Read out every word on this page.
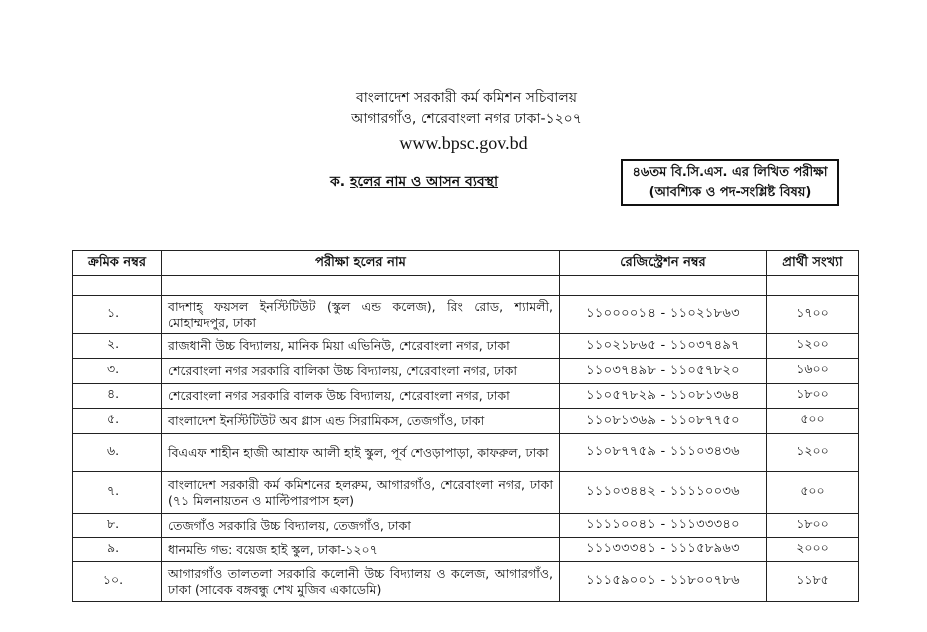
বাংলাদেশ সরকারী কর্ম কমিশন সচিবালয়
আগারগাঁও, শেরেবাংলা নগর ঢাকা-১২০৭
www.bpsc.gov.bd
ক. হলের নাম ও আসন ব্যবস্থা
৪৬তম বি.সি.এস. এর লিখিত পরীক্ষা
(আবশ্যিক ও পদ-সংশ্লিষ্ট বিষয়)
ক্রমিক নম্বর	পরীক্ষা হলের নাম	রেজিস্ট্রেশন নম্বর	প্রার্থী সংখ্যা

১.	বাদশাহ্ ফয়সল ইনস্টিটিউট (স্কুল এন্ড কলেজ), রিং রোড, শ্যামলী, মোহাম্মদপুর, ঢাকা	১১০০০০১৪ - ১১০২১৮৬৩	১৭০০
২.	রাজধানী উচ্চ বিদ্যালয়, মানিক মিয়া এভিনিউ, শেরেবাংলা নগর, ঢাকা	১১০২১৮৬৫ - ১১০৩৭৪৯৭	১২০০
৩.	শেরেবাংলা নগর সরকারি বালিকা উচ্চ বিদ্যালয়, শেরেবাংলা নগর, ঢাকা	১১০৩৭৪৯৮ - ১১০৫৭৮২০	১৬০০
৪.	শেরেবাংলা নগর সরকারি বালক উচ্চ বিদ্যালয়, শেরেবাংলা নগর, ঢাকা	১১০৫৭৮২৯ - ১১০৮১৩৬৪	১৮০০
৫.	বাংলাদেশ ইনস্টিটিউট অব গ্লাস এন্ড সিরামিকস, তেজগাঁও, ঢাকা	১১০৮১৩৬৯ - ১১০৮৭৭৫০	৫০০
৬.	বিএএফ শাহীন হাজী আশ্রাফ আলী হাই স্কুল, পূর্ব শেওড়াপাড়া, কাফরুল, ঢাকা	১১০৮৭৭৫৯ - ১১১০৩৪৩৬	১২০০
৭.	বাংলাদেশ সরকারী কর্ম কমিশনের হলরুম, আগারগাঁও, শেরেবাংলা নগর, ঢাকা (৭১ মিলনায়তন ও মাল্টিপারপাস হল)	১১১০৩৪৪২ - ১১১১০০৩৬	৫০০
৮.	তেজগাঁও সরকারি উচ্চ বিদ্যালয়, তেজগাঁও, ঢাকা	১১১১০০৪১ - ১১১৩৩৩৪০	১৮০০
৯.	ধানমন্ডি গভ: বয়েজ হাই স্কুল, ঢাকা-১২০৭	১১১৩৩৩৪১ - ১১১৫৮৯৬৩	২০০০
১০.	আগারগাঁও তালতলা সরকারি কলোনী উচ্চ বিদ্যালয় ও কলেজ, আগারগাঁও, ঢাকা (সাবেক বঙ্গবন্ধু শেখ মুজিব একাডেমি)	১১১৫৯০০১ - ১১৮০০৭৮৬	১১৮৫
